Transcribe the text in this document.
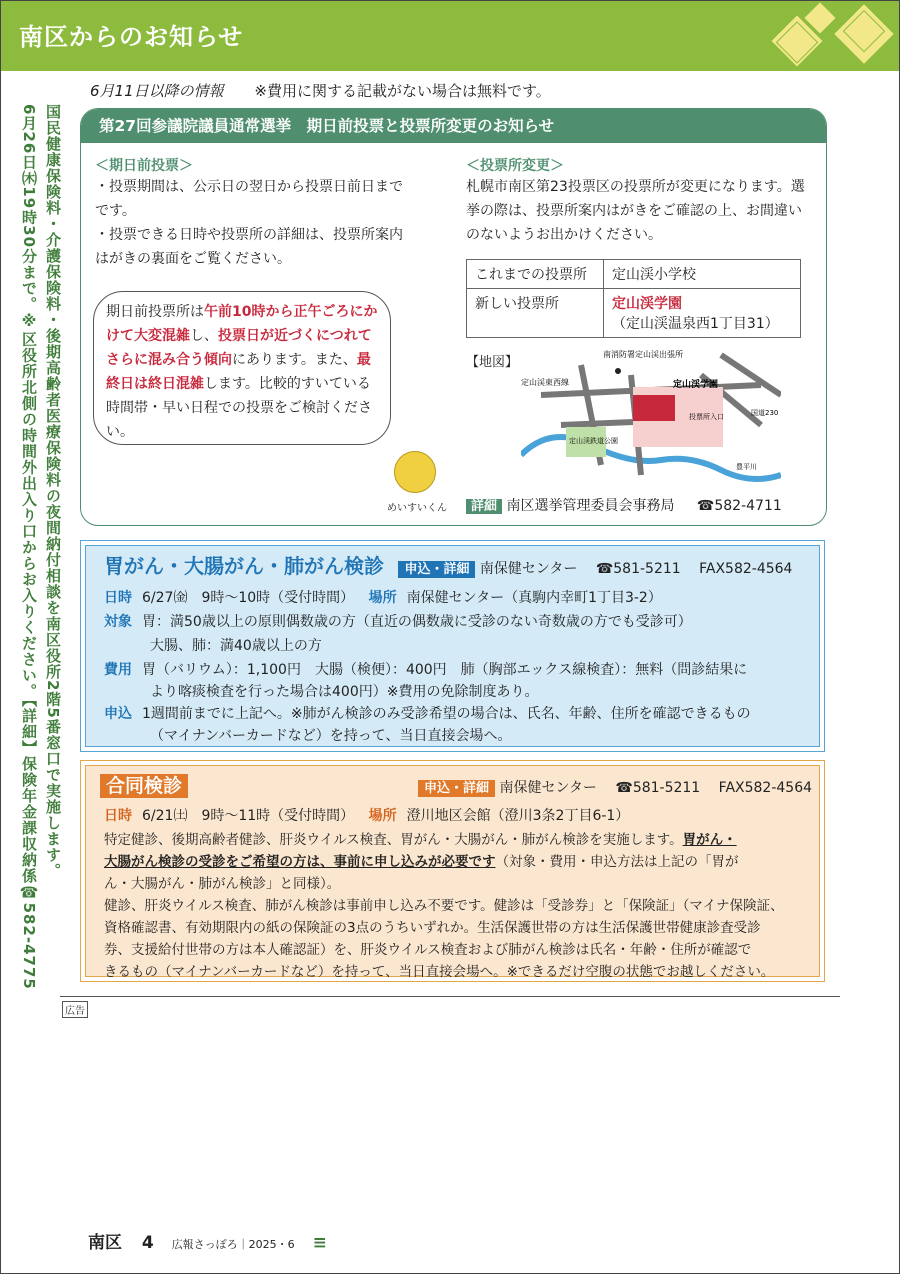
南区からのお知らせ
国民健康保険料・介護保険料・後期高齢者医療保険料の夜間納付相談を南区役所2階5番窓口で実施します。
6月26日㈭19時30分まで。※区役所北側の時間外出入り口からお入りください。【詳細】保険年金課収納係☎582-4775
6月11日以降の情報 ※費用に関する記載がない場合は無料です。
第27回参議院議員通常選挙　期日前投票と投票所変更のお知らせ
＜期日前投票＞
・投票期間は、公示日の翌日から投票日前日までです。
・投票できる日時や投票所の詳細は、投票所案内はがきの裏面をご覧ください。
期日前投票所は午前10時から正午ごろにかけて大変混雑し、投票日が近づくにつれてさらに混み合う傾向にあります。また、最終日は終日混雑します。比較的すいている時間帯・早い日程での投票をご検討ください。
めいすいくん
＜投票所変更＞
札幌市南区第23投票区の投票所が変更になります。選挙の際は、投票所案内はがきをご確認の上、お間違いのないようお出かけください。
これまでの投票所	定山渓小学校
新しい投票所	定山渓学園
（定山渓温泉西1丁目31）
【地図】
南消防署定山渓出張所
定山渓東西線	定山渓学園
投票所入口
定山渓鉄道公園
豊平川
国道230
詳細 南区選挙管理委員会事務局 ☎582-4711
胃がん・大腸がん・肺がん検診 申込・詳細 南保健センター ☎581-5211 FAX582-4564
日時 6/27㈮　9時～10時（受付時間） 場所 南保健センター（真駒内幸町1丁目3-2）
対象 胃：満50歳以上の原則偶数歳の方（直近の偶数歳に受診のない奇数歳の方でも受診可）
大腸、肺：満40歳以上の方
費用 胃（バリウム）：1,100円　大腸（検便）：400円　肺（胸部エックス線検査）：無料（問診結果に
より喀痰検査を行った場合は400円）※費用の免除制度あり。
申込 1週間前までに上記へ。※肺がん検診のみ受診希望の場合は、氏名、年齢、住所を確認できるもの
（マイナンバーカードなど）を持って、当日直接会場へ。
合同検診	申込・詳細 南保健センター ☎581-5211 FAX582-4564
日時 6/21㈯　9時～11時（受付時間） 場所 澄川地区会館（澄川3条2丁目6-1）
特定健診、後期高齢者健診、肝炎ウイルス検査、胃がん・大腸がん・肺がん検診を実施します。胃がん・
大腸がん検診の受診をご希望の方は、事前に申し込みが必要です（対象・費用・申込方法は上記の「胃が
ん・大腸がん・肺がん検診」と同様）。
健診、肝炎ウイルス検査、肺がん検診は事前申し込み不要です。健診は「受診券」と「保険証」（マイナ保険証、
資格確認書、有効期限内の紙の保険証の3点のうちいずれか。生活保護世帯の方は生活保護世帯健康診査受診
券、支援給付世帯の方は本人確認証）を、肝炎ウイルス検査および肺がん検診は氏名・年齢・住所が確認で
きるもの（マイナンバーカードなど）を持って、当日直接会場へ。※できるだけ空腹の状態でお越しください。
広告
南区 4 広報さっぽろ｜2025・6 ≡
